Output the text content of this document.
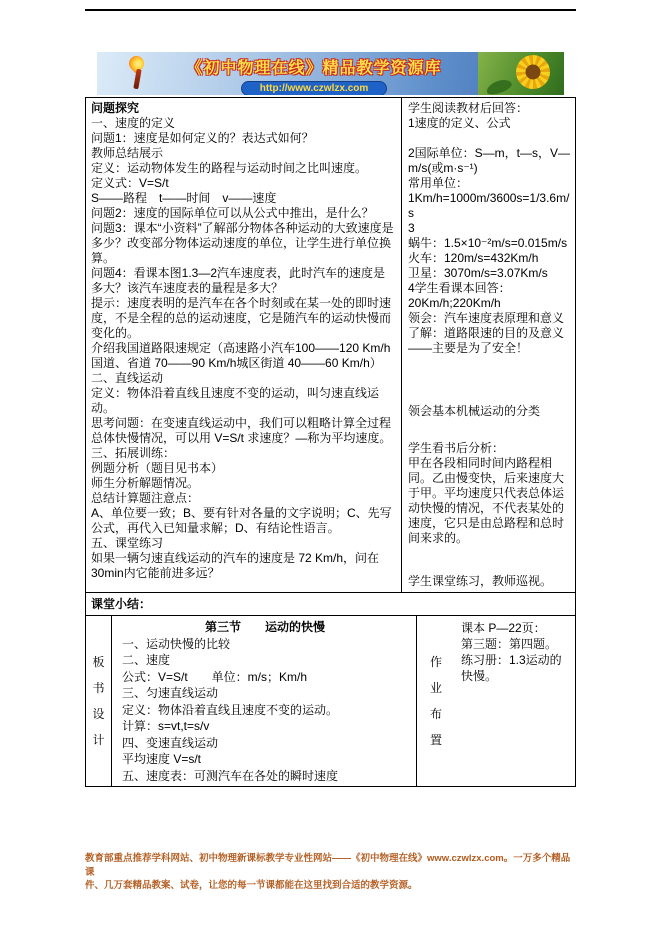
《初中物理在线》精品教学资源库
http://www.czwlzx.com
问题探究
一、速度的定义
问题1：速度是如何定义的？表达式如何？
教师总结展示
定义：运动物体发生的路程与运动时间之比叫速度。
定义式：V=S/t
S——路程　t——时间　v——速度
问题2：速度的国际单位可以从公式中推出，是什么？
问题3：课本“小资料”了解部分物体各种运动的大致速度是多少？改变部分物体运动速度的单位，让学生进行单位换算。
问题4：看课本图1.3—2汽车速度表，此时汽车的速度是多大？该汽车速度表的量程是多大？
提示：速度表明的是汽车在各个时刻或在某一处的即时速度，不是全程的总的运动速度，它是随汽车的运动快慢而变化的。
介绍我国道路限速规定（高速路小汽车100——120 Km/h国道、省道 70——90 Km/h城区街道 40——60 Km/h）
二、直线运动
定义：物体沿着直线且速度不变的运动，叫匀速直线运动。
思考问题：在变速直线运动中，我们可以粗略计算全过程总体快慢情况，可以用 V=S/t 求速度？—称为平均速度。
三、拓展训练：
例题分析（题目见书本）
师生分析解题情况。
总结计算题注意点：
A、单位要一致；B、要有针对各量的文字说明；C、先写公式，再代入已知量求解；D、有结论性语言。
五、课堂练习
如果一辆匀速直线运动的汽车的速度是 72 Km/h，问在 30min内它能前进多远？
学生阅读教材后回答：
1速度的定义、公式
2国际单位：S—m，t—s，V—m/s(或m·s⁻¹)
常用单位：
1Km/h=1000m/3600s=1/3.6m/s
3
蜗牛：1.5×10⁻²m/s=0.015m/s
火车：120m/s=432Km/h
卫星：3070m/s=3.07Km/s
4学生看课本回答：
20Km/h;220Km/h
领会：汽车速度表原理和意义
了解：道路限速的目的及意义——主要是为了安全！
领会基本机械运动的分类
学生看书后分析：
甲在各段相同时间内路程相同。乙由慢变快，后来速度大于甲。平均速度只代表总体运动快慢的情况，不代表某处的速度，它只是由总路程和总时间来求的。
学生课堂练习，教师巡视。
课堂小结：
板书设计
第三节　　运动的快慢
一、运动快慢的比较
二、速度
公式：V=S/t　　单位：m/s；Km/h
三、匀速直线运动
定义：物体沿着直线且速度不变的运动。
计算：s=vt,t=s/v
四、变速直线运动
平均速度 V=s/t
五、速度表：可测汽车在各处的瞬时速度
作业布置
课本 P—22页：
第三题：第四题。
练习册：1.3运动的快慢。
教育部重点推荐学科网站、初中物理新课标教学专业性网站——《初中物理在线》www.czwlzx.com。一万多个精品课
件、几万套精品教案、试卷，让您的每一节课都能在这里找到合适的教学资源。
